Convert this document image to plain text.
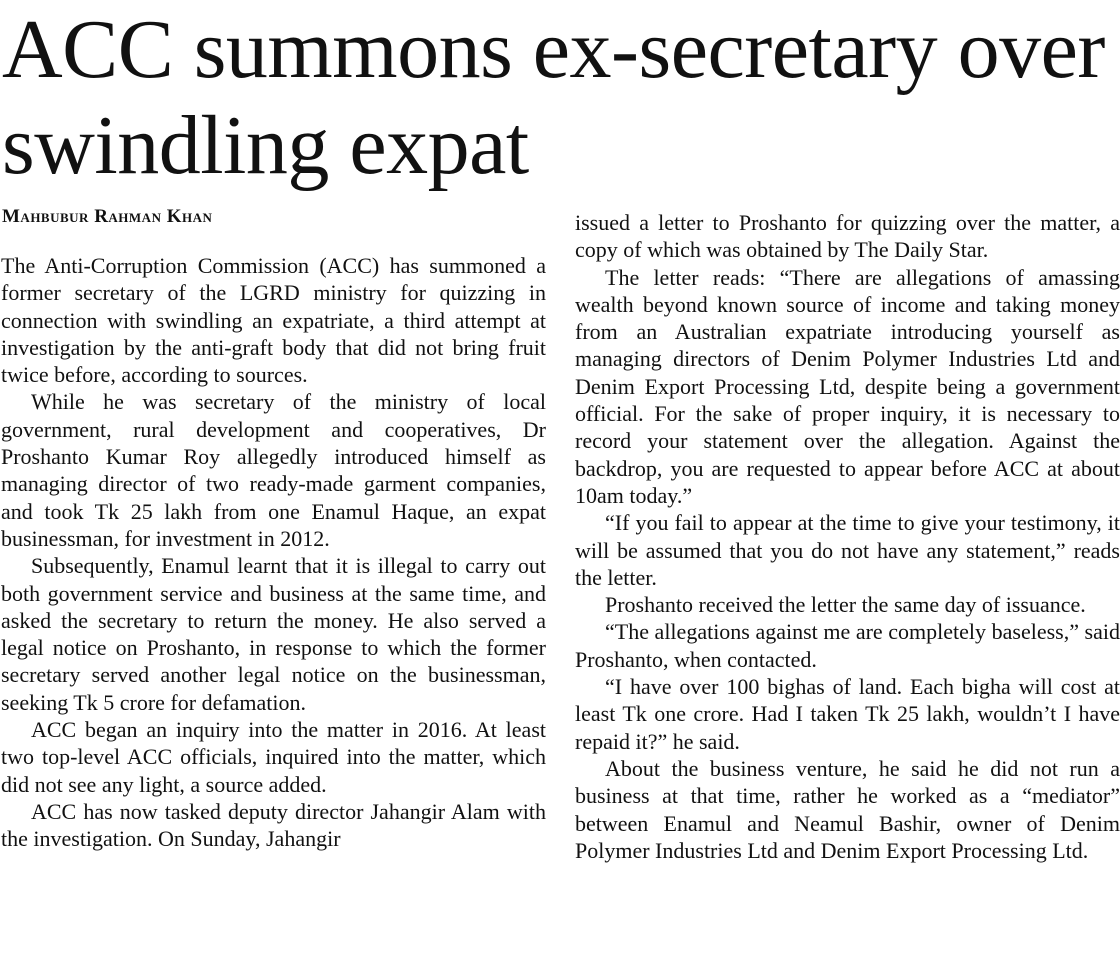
ACC summons ex-secretary over swindling expat
Mahbubur Rahman Khan

The Anti-Corruption Commission (ACC) has summoned a former secretary of the LGRD ministry for quizzing in connection with swindling an expatriate, a third attempt at investigation by the anti-graft body that did not bring fruit twice before, according to sources.

While he was secretary of the ministry of local government, rural development and cooperatives, Dr Proshanto Kumar Roy allegedly introduced himself as managing director of two ready-made garment companies, and took Tk 25 lakh from one Enamul Haque, an expat businessman, for investment in 2012.

Subsequently, Enamul learnt that it is illegal to carry out both government service and business at the same time, and asked the secretary to return the money. He also served a legal notice on Proshanto, in response to which the former secretary served another legal notice on the businessman, seeking Tk 5 crore for defamation.

ACC began an inquiry into the matter in 2016. At least two top-level ACC officials, inquired into the matter, which did not see any light, a source added.

ACC has now tasked deputy director Jahangir Alam with the investigation. On Sunday, Jahangir

issued a letter to Proshanto for quizzing over the matter, a copy of which was obtained by The Daily Star.

The letter reads: “There are allegations of amassing wealth beyond known source of income and taking money from an Australian expatriate introducing yourself as managing directors of Denim Polymer Industries Ltd and Denim Export Processing Ltd, despite being a government official. For the sake of proper inquiry, it is necessary to record your statement over the allegation. Against the backdrop, you are requested to appear before ACC at about 10am today.”

“If you fail to appear at the time to give your testimony, it will be assumed that you do not have any statement,” reads the letter.

Proshanto received the letter the same day of issuance.

“The allegations against me are completely baseless,” said Proshanto, when contacted.

“I have over 100 bighas of land. Each bigha will cost at least Tk one crore. Had I taken Tk 25 lakh, wouldn’t I have repaid it?” he said.

About the business venture, he said he did not run a business at that time, rather he worked as a “mediator” between Enamul and Neamul Bashir, owner of Denim Polymer Industries Ltd and Denim Export Processing Ltd.
